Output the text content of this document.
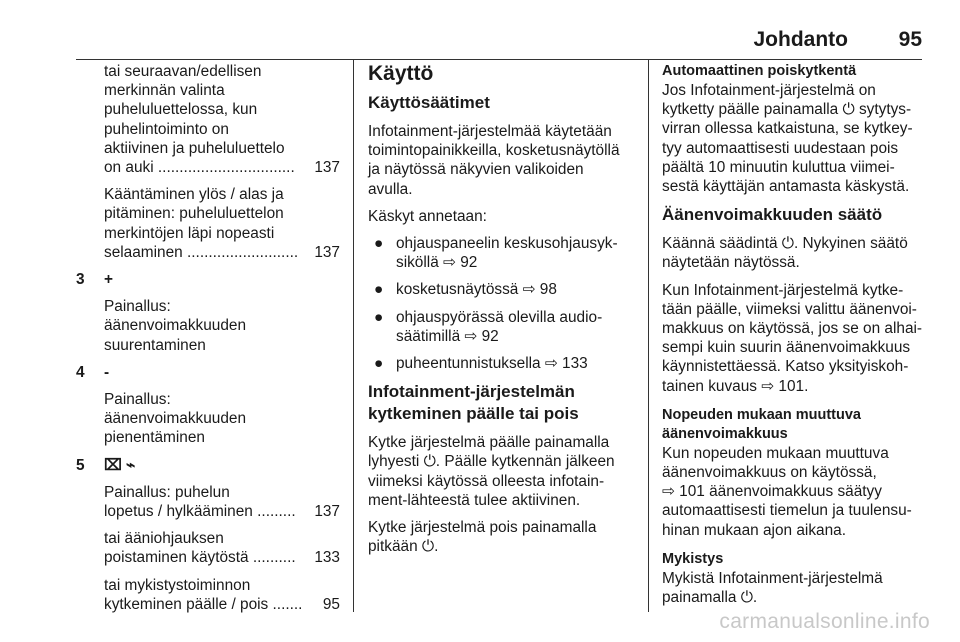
Johdanto 95

tai seuraavan/edellisen
merkinnän valinta
puheluluettelossa, kun
puhelintoiminto on
aktiivinen ja puheluluettelo
on auki ................................	137

Kääntäminen ylös / alas ja
pitäminen: puheluluettelon
merkintöjen läpi nopeasti
selaaminen ..........................	137

3 +

Painallus:
äänenvoimakkuuden
suurentaminen

4 -

Painallus:
äänenvoimakkuuden
pienentäminen

5 ⌧ ⌁

Painallus: puhelun
lopetus / hylkääminen .........	137

tai ääniohjauksen
poistaminen käytöstä ..........	133

tai mykistystoiminnon
kytkeminen päälle / pois .......	95

Käyttö
Käyttösäätimet

Infotainment-järjestelmää käytetään
toimintopainikkeilla, kosketusnäytöllä
ja näytössä näkyvien valikoiden
avulla.

Käskyt annetaan:

● ohjauspaneelin keskusohjausyk-
siköllä ⇨ 92
● kosketusnäytössä ⇨ 98
● ohjauspyörässä olevilla audio-
säätimillä ⇨ 92
● puheentunnistuksella ⇨ 133
Infotainment-järjestelmän
kytkeminen päälle tai pois

Kytke järjestelmä päälle painamalla
lyhyesti ⏻. Päälle kytkennän jälkeen
viimeksi käytössä olleesta infotain-
ment-lähteestä tulee aktiivinen.

Kytke järjestelmä pois painamalla
pitkään ⏻.

Automaattinen poiskytkentä

Jos Infotainment-järjestelmä on
kytketty päälle painamalla ⏻ sytytys-
virran ollessa katkaistuna, se kytkey-
tyy automaattisesti uudestaan pois
päältä 10 minuutin kuluttua viimei-
sestä käyttäjän antamasta käskystä.

Äänenvoimakkuuden säätö

Käännä säädintä ⏻. Nykyinen säätö
näytetään näytössä.

Kun Infotainment-järjestelmä kytke-
tään päälle, viimeksi valittu äänenvoi-
makkuus on käytössä, jos se on alhai-
sempi kuin suurin äänenvoimakkuus
käynnistettäessä. Katso yksityiskoh-
tainen kuvaus ⇨ 101.

Nopeuden mukaan muuttuva
äänenvoimakkuus

Kun nopeuden mukaan muuttuva
äänenvoimakkuus on käytössä,
⇨ 101 äänenvoimakkuus säätyy
automaattisesti tiemelun ja tuulensu-
hinan mukaan ajon aikana.

Mykistys

Mykistä Infotainment-järjestelmä
painamalla ⏻.

carmanualsonline.info
